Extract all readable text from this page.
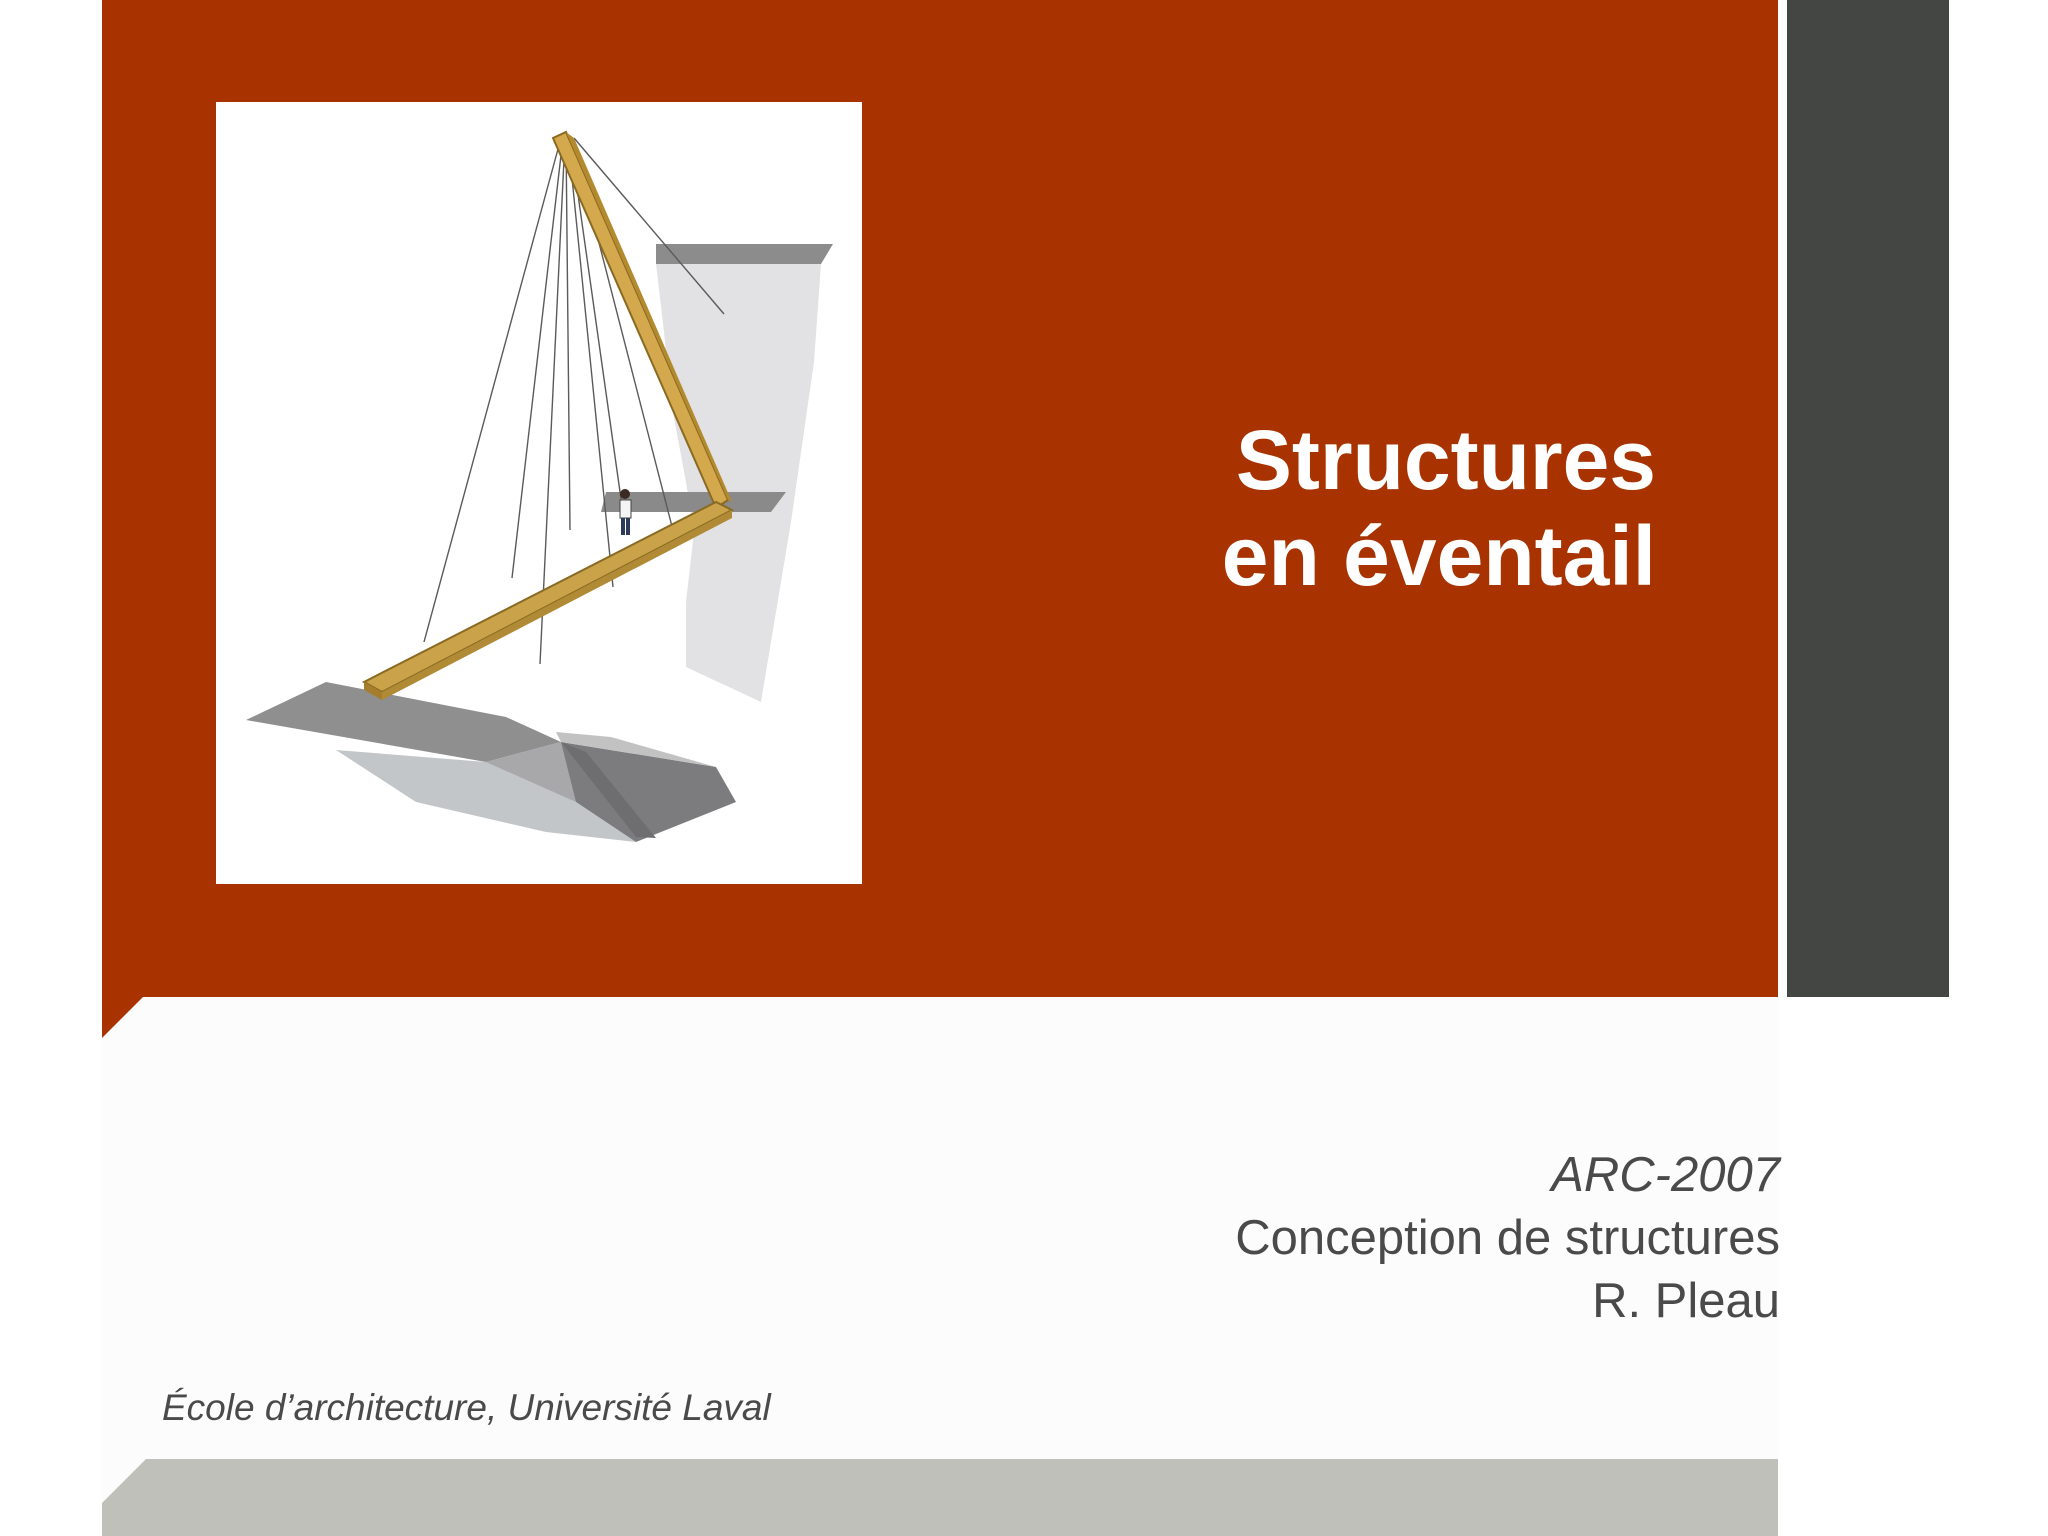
Structures
en éventail
ARC-2007
Conception de structures
R. Pleau
École d’architecture, Université Laval
